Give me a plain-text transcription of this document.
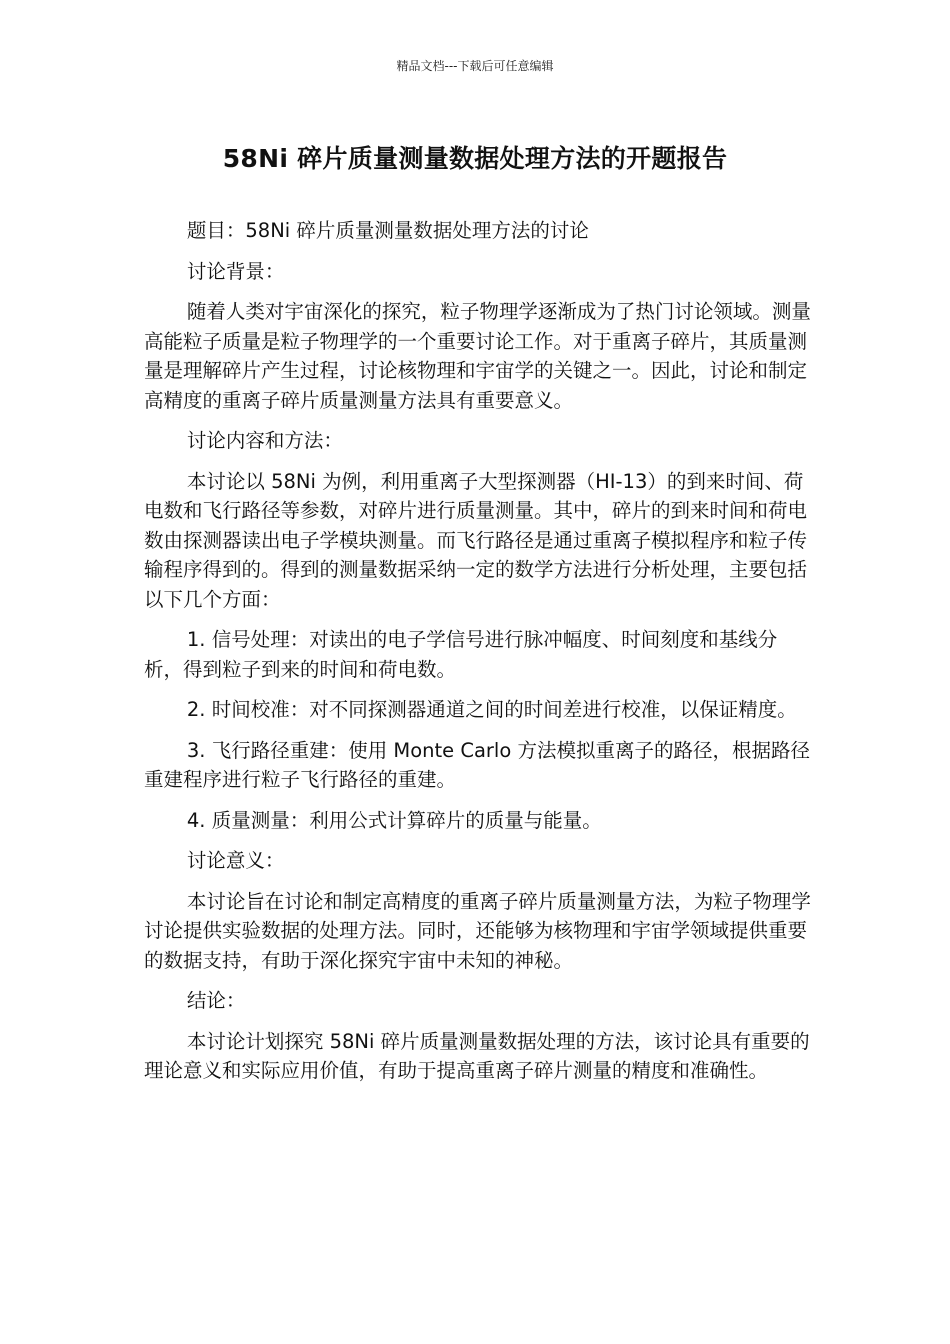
精品文档---下载后可任意编辑
58Ni 碎片质量测量数据处理方法的开题报告

题目：58Ni 碎片质量测量数据处理方法的讨论

讨论背景：

随着人类对宇宙深化的探究，粒子物理学逐渐成为了热门讨论领域。测量高能粒子质量是粒子物理学的一个重要讨论工作。对于重离子碎片，其质量测量是理解碎片产生过程，讨论核物理和宇宙学的关键之一。因此，讨论和制定高精度的重离子碎片质量测量方法具有重要意义。

讨论内容和方法：

本讨论以 58Ni 为例，利用重离子大型探测器（HI-13）的到来时间、荷电数和飞行路径等参数，对碎片进行质量测量。其中，碎片的到来时间和荷电数由探测器读出电子学模块测量。而飞行路径是通过重离子模拟程序和粒子传输程序得到的。得到的测量数据采纳一定的数学方法进行分析处理，主要包括以下几个方面：

1. 信号处理：对读出的电子学信号进行脉冲幅度、时间刻度和基线分析，得到粒子到来的时间和荷电数。

2. 时间校准：对不同探测器通道之间的时间差进行校准，以保证精度。

3. 飞行路径重建：使用 Monte Carlo 方法模拟重离子的路径，根据路径重建程序进行粒子飞行路径的重建。

4. 质量测量：利用公式计算碎片的质量与能量。

讨论意义：

本讨论旨在讨论和制定高精度的重离子碎片质量测量方法，为粒子物理学讨论提供实验数据的处理方法。同时，还能够为核物理和宇宙学领域提供重要的数据支持，有助于深化探究宇宙中未知的神秘。

结论：

本讨论计划探究 58Ni 碎片质量测量数据处理的方法，该讨论具有重要的理论意义和实际应用价值，有助于提高重离子碎片测量的精度和准确性。
